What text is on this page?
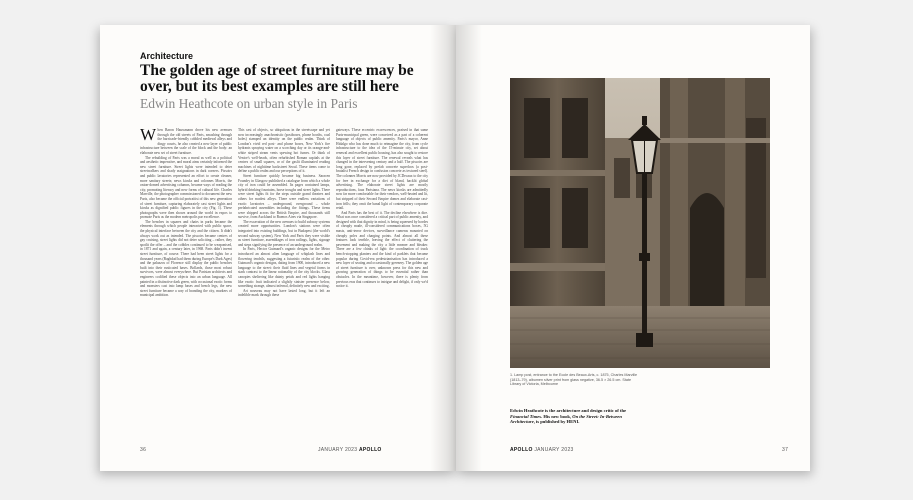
Architecture
The golden age of street furniture may be over, but its best examples are still here
Edwin Heathcote on urban style in Paris

When Baron Haussmann drove his new avenues through the old streets of Paris, smashing through the barricade-friendly cobbled medieval alleys and dingy courts, he also created a new layer of public infrastructure between the scale of the block and the body: an elaborate new set of street furniture.

The rebuilding of Paris was a moral as well as a political and aesthetic imperative, and moral aims certainly informed the new street furniture. Street lights were intended to deter streetwalkers and shady assignations in dark corners. Pissoirs and public lavatories represented an effort to create cleaner, more sanitary streets; news kiosks and colonnes Morris, the onion-domed advertising columns, became ways of reading the city, promoting literacy and new forms of cultural life. Charles Marville, the photographer commissioned to document the new Paris, also became the official portraitist of this new generation of street furniture, capturing elaborately cast street lights and kiosks as dignified public figures in the city (Fig. 1). These photographs were then shown around the world in expos to promote Paris as the modern metropolis par excellence.

The benches in squares and chairs in parks became the elements through which people interacted with public space, the physical interface between the city and the citizen. It didn't always work out as intended. The pissoirs became centres of gay cruising, street lights did not deter soliciting – rather, they spotlit the offer – and the cobbles continued to be weaponised, in 1871 and again, a century later, in 1968. Paris didn't invent street furniture, of course. There had been street lights for a thousand years (Baghdad had them during Europe's Dark Ages) and the palazzos of Florence still display the public benches built into their rusticated bases. Bollards, those most robust survivors, were almost everywhere. But Parisian architects and engineers codified these objects into an urban language. All painted in a distinctive dark green, with occasional exotic forms and monsters cast into lamp bases and bench legs, the new street furniture became a way of branding the city, markers of municipal ambition.

This cast of objects, so ubiquitous in the streetscape and yet now increasingly anachronistic (postboxes, phone booths, coal holes) stamped an identity on the public realm. Think of London's vivid red post- and phone boxes, New York's fire hydrants spraying water on a scorching day or its orange-and-white striped steam vents spewing hot fumes. Or think of Venice's well-heads, often refurbished Roman capitals at the centres of small squares, or of the gaslit illuminated reading machines of nighttime backstreet Seoul. These items come to define a public realm and our perceptions of it.

Street furniture quickly became big business. Saracen Foundry in Glasgow published a catalogue from which a whole city of iron could be assembled. Its pages contained lamps, hybrid drinking fountains, horse troughs and street lights. There were street lights fit for the steps outside grand theatres and others for modest alleys. There were endless variations of exotic lavatories – underground, overground – whole prefabricated assemblies including the fittings. These items were shipped across the British Empire, and thousands still survive, from Auckland to Buenos Aires via Singapore.

The excavation of the new avenues to build subway systems created more opportunities. London's stations were often integrated into existing buildings, but in Budapest (the world's second subway system), New York and Paris they were visible as street furniture, assemblages of iron railings, lights, signage and steps signifying the presence of an underground realm.

In Paris, Hector Guimard's organic designs for the Metro introduced an almost alien language of whiplash lines and flowering tendrils, suggesting a futuristic realm of the other. Guimard's organic designs, dating from 1900, introduced a new language to the street: their fluid lines and vegetal forms in stark contrast to the linear rationality of the city blocks. Glass canopies sheltering like dainty petals and red lights hanging like exotic fruit indicated a slightly sinister presence below, something strange, almost infernal, definitely new and exciting.

Art nouveau may not have lasted long, but it left an indelible mark through these

gateways. These eccentric excrescences, praised in that same Paris-municipal green, were conceived as a part of a coherent language of objects of public amenity. Paris's mayor, Anne Hidalgo who has done much to reimagine the city, from cycle infrastructure to the idea of the 15-minute city, set about renewal and excellent public housing, has also sought to restore this layer of street furniture. The renewal reveals what has changed in the intervening century and a half. The pissoirs are long gone, replaced by prefab concrete superloos (a post-brutalist French design in confusion concrete as textured steel). The colonnes Morris are now provided by JCDecaux to the city for free in exchange for a diet of bland, backlit global advertising. The elaborate street lights are mostly reproductions, faux Parisiana. The news kiosks are admittedly now far more comfortable for their vendors, well-heated and lit, but stripped of their Second Empire domes and elaborate cast-iron frills; they omit the banal light of contemporary corporate retail.

And Paris has the best of it. The decline elsewhere is dire. What was once considered a critical part of public amenity, and designed with that dignity in mind, is being squeezed by hordes of cheaply made, ill-considered communications boxes, 5G masts, anti-terror devices, surveillance cameras mounted on cheaply poles and charging points. And almost all these features look terrible, leaving the effect of cluttering the pavement and making the city a little meaner and bleaker. There are a few chinks of light: the coordination of truck bench-stopping planters and the kind of parklets that became popular during Covid-era pedestrianisation has introduced a new layer of seating and occasionally greenery. The golden age of street furniture is over, unknown press for this new and growing generation of things to be essential rather than obstacles. In the meantime, however, there is plenty from previous eras that continues to intrigue and delight, if only we'd notice it.

36	JANUARY 2023 APOLLO
1. Lamp post, entrance to the Ecole des Beaux-Arts, c. 1875, Charles Marville (1813–79), albumen silver print from glass negative, 36.5 × 26.5 cm. State Library of Victoria, Melbourne
Edwin Heathcote is the architecture and design critic of the Financial Times. His new book, On the Street: In-Between Architecture, is published by HENI.
APOLLO JANUARY 2023	37
